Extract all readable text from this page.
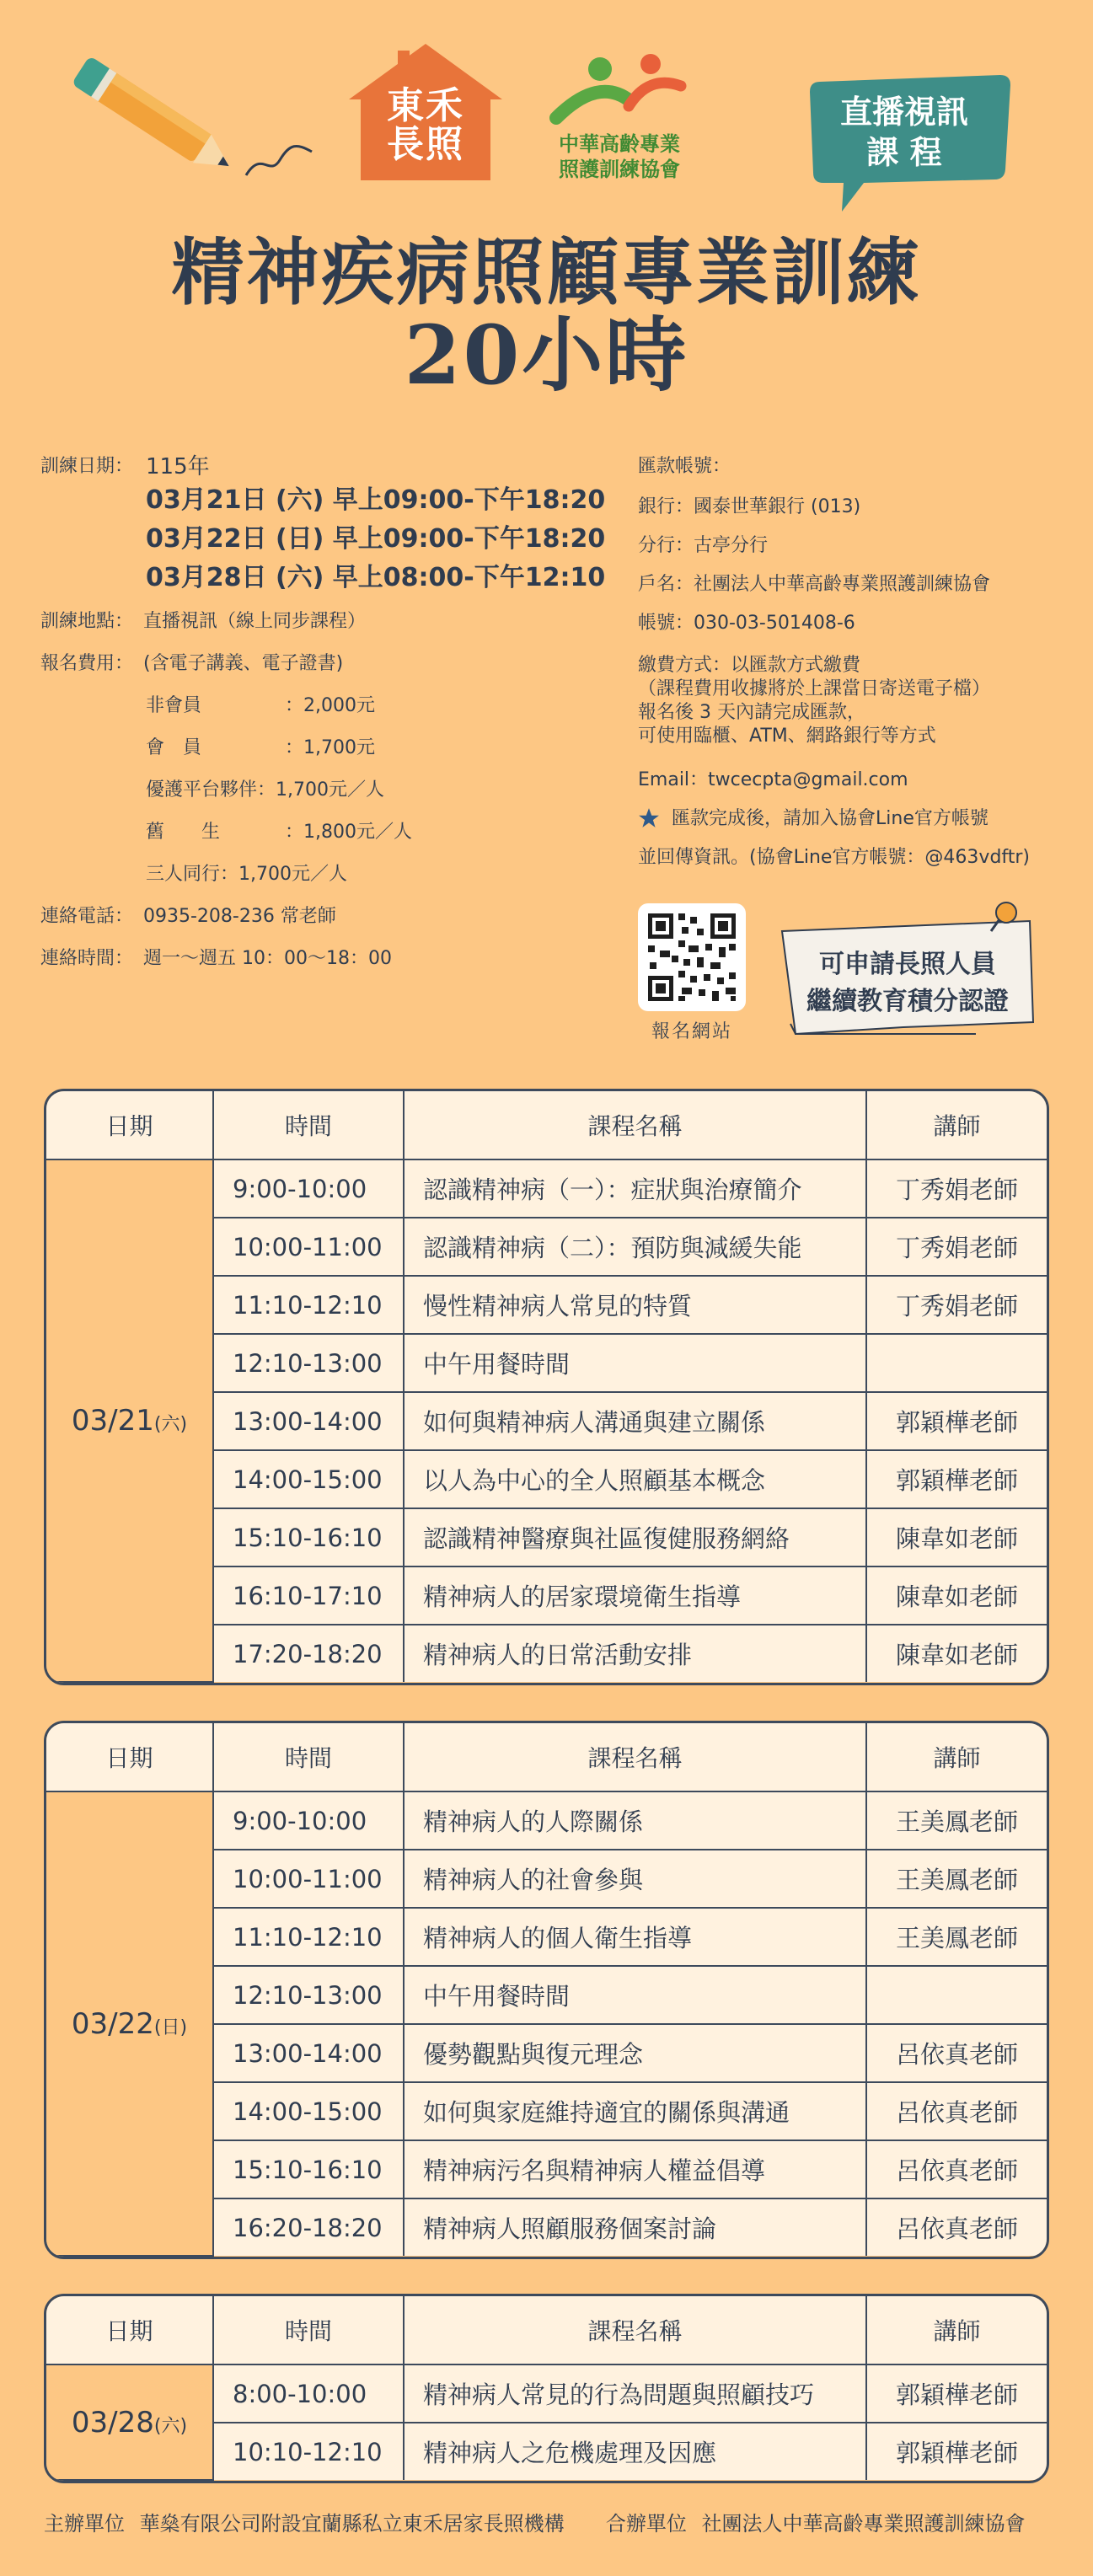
東禾
長照	中華高齡專業
照護訓練協會
直播視訊
課 程
精神疾病照顧專業訓練
20小時
訓練日期： 115年
03月21日 (六) 早上09:00-下午18:20
03月22日 (日) 早上09:00-下午18:20
03月28日 (六) 早上08:00-下午12:10
訓練地點： 直播視訊（線上同步課程）
報名費用： (含電子講義、電子證書)
非會員	：2,000元
會　員	：1,700元
優護平台夥伴：1,700元／人
舊　　生	：1,800元／人
三人同行：1,700元／人
連絡電話： 0935-208-236 常老師
連絡時間： 週一～週五 10：00～18：00
匯款帳號：
銀行：國泰世華銀行 (013)
分行：古亭分行
戶名：社團法人中華高齡專業照護訓練協會
帳號：030-03-501408-6
繳費方式：以匯款方式繳費
（課程費用收據將於上課當日寄送電子檔）
報名後 3 天內請完成匯款，
可使用臨櫃、ATM、網路銀行等方式
Email：twcecpta@gmail.com
匯款完成後，請加入協會Line官方帳號
並回傳資訊。(協會Line官方帳號：@463vdftr)
報名網站
可申請長照人員
繼續教育積分認證
日期	時間	課程名稱	講師
03/21(六)	9:00-10:00	認識精神病（一）：症狀與治療簡介	丁秀娟老師
	10:00-11:00	認識精神病（二）：預防與減緩失能	丁秀娟老師
	11:10-12:10	慢性精神病人常見的特質	丁秀娟老師
	12:10-13:00	中午用餐時間	
	13:00-14:00	如何與精神病人溝通與建立關係	郭穎樺老師
	14:00-15:00	以人為中心的全人照顧基本概念	郭穎樺老師
	15:10-16:10	認識精神醫療與社區復健服務網絡	陳韋如老師
	16:10-17:10	精神病人的居家環境衛生指導	陳韋如老師
	17:20-18:20	精神病人的日常活動安排	陳韋如老師
日期	時間	課程名稱	講師
03/22(日)	9:00-10:00	精神病人的人際關係	王美鳳老師
	10:00-11:00	精神病人的社會參與	王美鳳老師
	11:10-12:10	精神病人的個人衛生指導	王美鳳老師
	12:10-13:00	中午用餐時間	
	13:00-14:00	優勢觀點與復元理念	呂依真老師
	14:00-15:00	如何與家庭維持適宜的關係與溝通	呂依真老師
	15:10-16:10	精神病污名與精神病人權益倡導	呂依真老師
	16:20-18:20	精神病人照顧服務個案討論	呂依真老師
日期	時間	課程名稱	講師
03/28(六)	8:00-10:00	精神病人常見的行為問題與照顧技巧	郭穎樺老師
	10:10-12:10	精神病人之危機處理及因應	郭穎樺老師
主辦單位 華燊有限公司附設宜蘭縣私立東禾居家長照機構 合辦單位 社團法人中華高齡專業照護訓練協會
